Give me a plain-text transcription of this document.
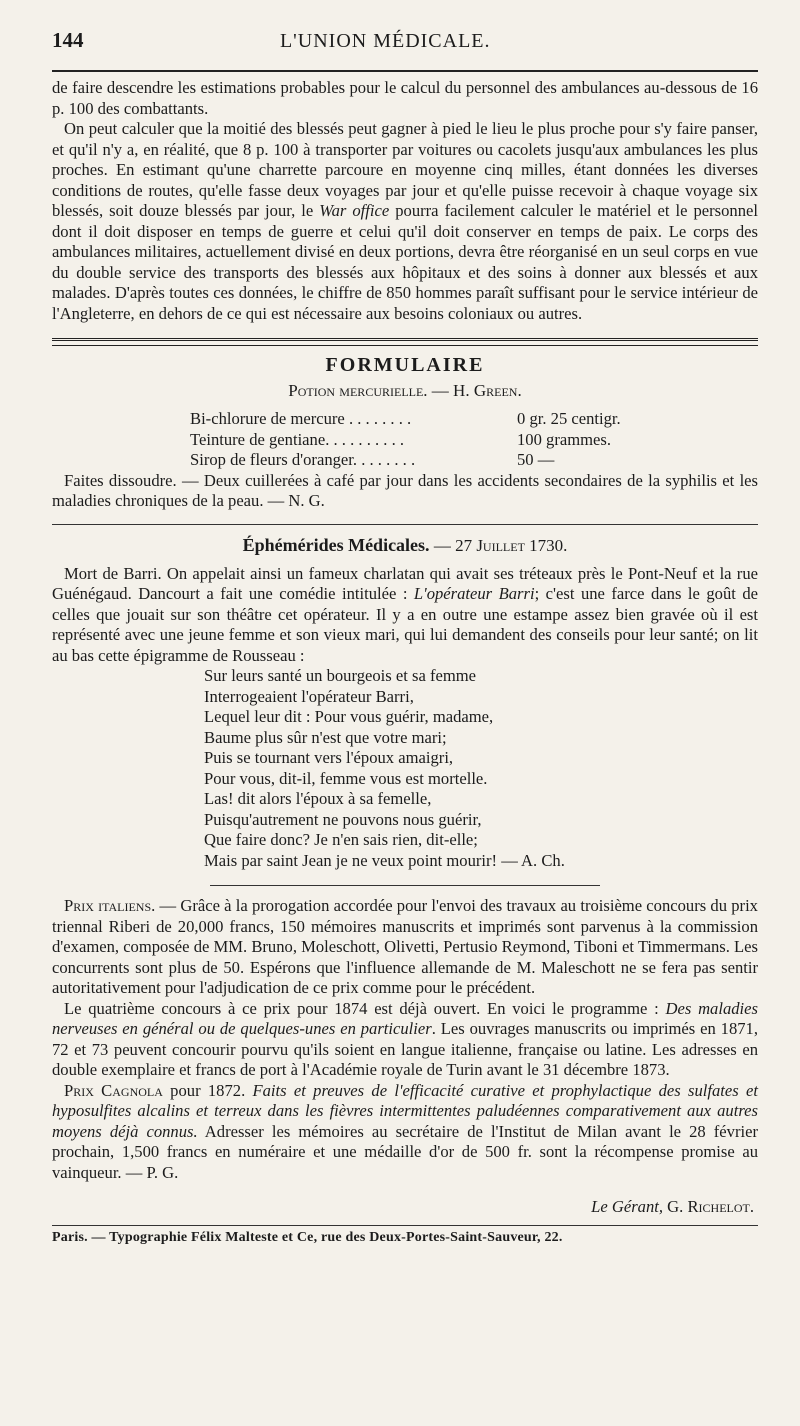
144	L'UNION MÉDICALE.

de faire descendre les estimations probables pour le calcul du personnel des ambulances au-dessous de 16 p. 100 des combattants.

On peut calculer que la moitié des blessés peut gagner à pied le lieu le plus proche pour s'y faire panser, et qu'il n'y a, en réalité, que 8 p. 100 à transporter par voitures ou cacolets jusqu'aux ambulances les plus proches. En estimant qu'une charrette parcoure en moyenne cinq milles, étant données les diverses conditions de routes, qu'elle fasse deux voyages par jour et qu'elle puisse recevoir à chaque voyage six blessés, soit douze blessés par jour, le War office pourra facilement calculer le matériel et le personnel dont il doit disposer en temps de guerre et celui qu'il doit conserver en temps de paix. Le corps des ambulances militaires, actuellement divisé en deux portions, devra être réorganisé en un seul corps en vue du double service des transports des blessés aux hôpitaux et des soins à donner aux blessés et aux malades. D'après toutes ces données, le chiffre de 850 hommes paraît suffisant pour le service intérieur de l'Angleterre, en dehors de ce qui est nécessaire aux besoins coloniaux ou autres.

FORMULAIRE
Potion mercurielle. — H. Green.
Bi-chlorure de mercure . . . . . . . .	0 gr. 25 centigr.
Teinture de gentiane. . . . . . . . . .	100 grammes.
Sirop de fleurs d'oranger. . . . . . . .	50 —

Faites dissoudre. — Deux cuillerées à café par jour dans les accidents secondaires de la syphilis et les maladies chroniques de la peau. — N. G.

Éphémérides Médicales. — 27 Juillet 1730.

Mort de Barri. On appelait ainsi un fameux charlatan qui avait ses tréteaux près le Pont-Neuf et la rue Guénégaud. Dancourt a fait une comédie intitulée : L'opérateur Barri; c'est une farce dans le goût de celles que jouait sur son théâtre cet opérateur. Il y a en outre une estampe assez bien gravée où il est représenté avec une jeune femme et son vieux mari, qui lui demandent des conseils pour leur santé; on lit au bas cette épigramme de Rousseau :

Sur leurs santé un bourgeois et sa femme
Interrogeaient l'opérateur Barri,
Lequel leur dit : Pour vous guérir, madame,
Baume plus sûr n'est que votre mari;
Puis se tournant vers l'époux amaigri,
Pour vous, dit-il, femme vous est mortelle.
Las! dit alors l'époux à sa femelle,
Puisqu'autrement ne pouvons nous guérir,
Que faire donc? Je n'en sais rien, dit-elle;
Mais par saint Jean je ne veux point mourir! — A. Ch.

Prix italiens. — Grâce à la prorogation accordée pour l'envoi des travaux au troisième concours du prix triennal Riberi de 20,000 francs, 150 mémoires manuscrits et imprimés sont parvenus à la commission d'examen, composée de MM. Bruno, Moleschott, Olivetti, Pertusio Reymond, Tiboni et Timmermans. Les concurrents sont plus de 50. Espérons que l'influence allemande de M. Maleschott ne se fera pas sentir autoritativement pour l'adjudication de ce prix comme pour le précédent.

Le quatrième concours à ce prix pour 1874 est déjà ouvert. En voici le programme : Des maladies nerveuses en général ou de quelques-unes en particulier. Les ouvrages manuscrits ou imprimés en 1871, 72 et 73 peuvent concourir pourvu qu'ils soient en langue italienne, française ou latine. Les adresses en double exemplaire et francs de port à l'Académie royale de Turin avant le 31 décembre 1873.

Prix Cagnola pour 1872. Faits et preuves de l'efficacité curative et prophylactique des sulfates et hyposulfites alcalins et terreux dans les fièvres intermittentes paludéennes comparativement aux autres moyens déjà connus. Adresser les mémoires au secrétaire de l'Institut de Milan avant le 28 février prochain, 1,500 francs en numéraire et une médaille d'or de 500 fr. sont la récompense promise au vainqueur. — P. G.

Le Gérant, G. Richelot.
Paris. — Typographie Félix Malteste et Ce, rue des Deux-Portes-Saint-Sauveur, 22.
